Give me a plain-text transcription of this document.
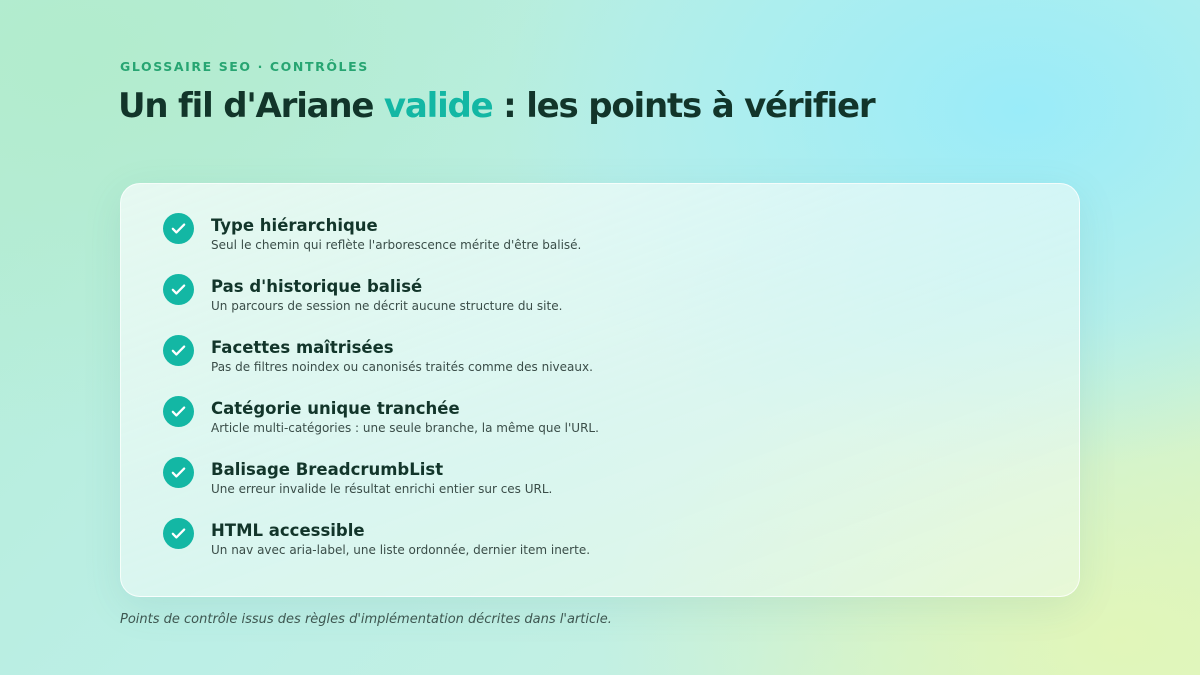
GLOSSAIRE SEO · CONTRÔLES
Un fil d'Ariane valide : les points à vérifier
Type hiérarchique
Seul le chemin qui reflète l'arborescence mérite d'être balisé.
Pas d'historique balisé
Un parcours de session ne décrit aucune structure du site.
Facettes maîtrisées
Pas de filtres noindex ou canonisés traités comme des niveaux.
Catégorie unique tranchée
Article multi-catégories : une seule branche, la même que l'URL.
Balisage BreadcrumbList
Une erreur invalide le résultat enrichi entier sur ces URL.
HTML accessible
Un nav avec aria-label, une liste ordonnée, dernier item inerte.

Points de contrôle issus des règles d'implémentation décrites dans l'article.
